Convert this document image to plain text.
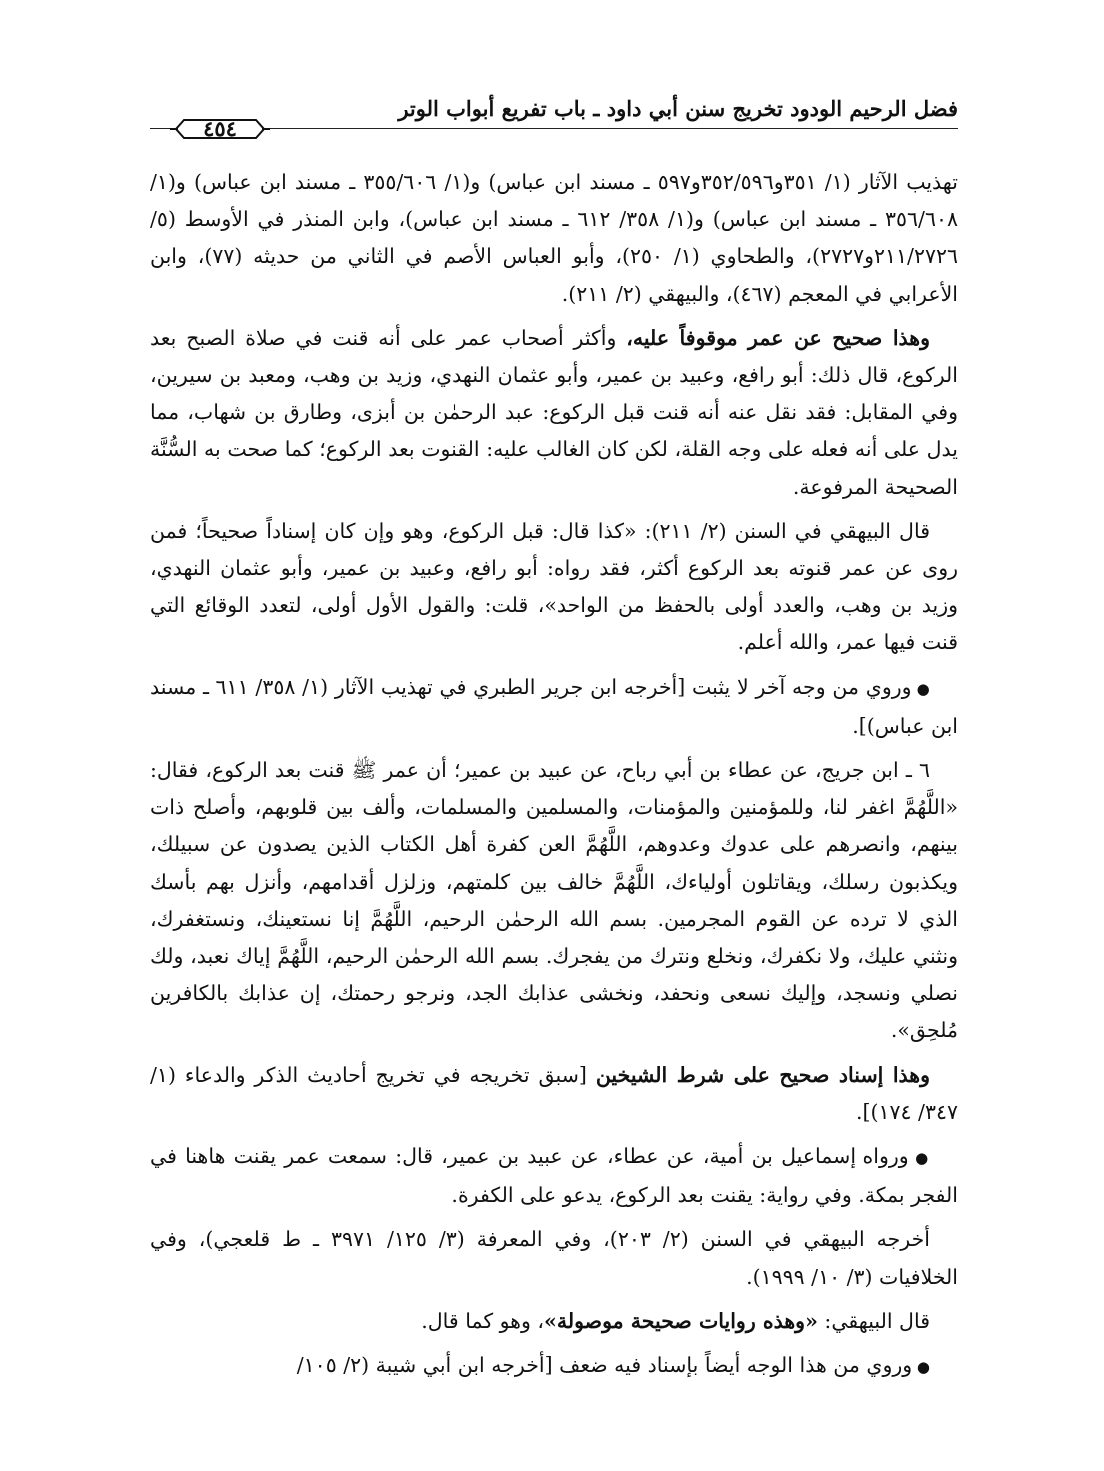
فضل الرحيم الودود تخريج سنن أبي داود ـ باب تفريع أبواب الوتر
٤٥٤

تهذيب الآثار (١/ ٣٥١و٣٥٢/٥٩٦و٥٩٧ ـ مسند ابن عباس) و(١/ ٣٥٥/٦٠٦ ـ مسند ابن عباس) و(١/ ٣٥٦/٦٠٨ ـ مسند ابن عباس) و(١/ ٣٥٨/ ٦١٢ ـ مسند ابن عباس)، وابن المنذر في الأوسط (٥/ ٢١١/٢٧٢٦و٢٧٢٧)، والطحاوي (١/ ٢٥٠)، وأبو العباس الأصم في الثاني من حديثه (٧٧)، وابن الأعرابي في المعجم (٤٦٧)، والبيهقي (٢/ ٢١١).

وهذا صحيح عن عمر موقوفاً عليه، وأكثر أصحاب عمر على أنه قنت في صلاة الصبح بعد الركوع، قال ذلك: أبو رافع، وعبيد بن عمير، وأبو عثمان النهدي، وزيد بن وهب، ومعبد بن سيرين، وفي المقابل: فقد نقل عنه أنه قنت قبل الركوع: عبد الرحمٰن بن أبزى، وطارق بن شهاب، مما يدل على أنه فعله على وجه القلة، لكن كان الغالب عليه: القنوت بعد الركوع؛ كما صحت به السُّنَّة الصحيحة المرفوعة.

قال البيهقي في السنن (٢/ ٢١١): «كذا قال: قبل الركوع، وهو وإن كان إسناداً صحيحاً؛ فمن روى عن عمر قنوته بعد الركوع أكثر، فقد رواه: أبو رافع، وعبيد بن عمير، وأبو عثمان النهدي، وزيد بن وهب، والعدد أولى بالحفظ من الواحد»، قلت: والقول الأول أولى، لتعدد الوقائع التي قنت فيها عمر، والله أعلم.

● وروي من وجه آخر لا يثبت [أخرجه ابن جرير الطبري في تهذيب الآثار (١/ ٣٥٨/ ٦١١ ـ مسند ابن عباس)].

٦ ـ ابن جريج، عن عطاء بن أبي رباح، عن عبيد بن عمير؛ أن عمر ﷺ قنت بعد الركوع، فقال: «اللَّهُمَّ اغفر لنا، وللمؤمنين والمؤمنات، والمسلمين والمسلمات، وألف بين قلوبهم، وأصلح ذات بينهم، وانصرهم على عدوك وعدوهم، اللَّهُمَّ العن كفرة أهل الكتاب الذين يصدون عن سبيلك، ويكذبون رسلك، ويقاتلون أولياءك، اللَّهُمَّ خالف بين كلمتهم، وزلزل أقدامهم، وأنزل بهم بأسك الذي لا ترده عن القوم المجرمين. بسم الله الرحمٰن الرحيم، اللَّهُمَّ إنا نستعينك، ونستغفرك، ونثني عليك، ولا نكفرك، ونخلع ونترك من يفجرك. بسم الله الرحمٰن الرحيم، اللَّهُمَّ إياك نعبد، ولك نصلي ونسجد، وإليك نسعى ونحفد، ونخشى عذابك الجد، ونرجو رحمتك، إن عذابك بالكافرين مُلحِق».

وهذا إسناد صحيح على شرط الشيخين [سبق تخريجه في تخريج أحاديث الذكر والدعاء (١/ ٣٤٧/ ١٧٤)].

● ورواه إسماعيل بن أمية، عن عطاء، عن عبيد بن عمير، قال: سمعت عمر يقنت هاهنا في الفجر بمكة. وفي رواية: يقنت بعد الركوع، يدعو على الكفرة.

أخرجه البيهقي في السنن (٢/ ٢٠٣)، وفي المعرفة (٣/ ١٢٥/ ٣٩٧١ ـ ط قلعجي)، وفي الخلافيات (٣/ ١٠/ ١٩٩٩).

قال البيهقي: «وهذه روايات صحيحة موصولة»، وهو كما قال.

● وروي من هذا الوجه أيضاً بإسناد فيه ضعف [أخرجه ابن أبي شيبة (٢/ ١٠٥/
